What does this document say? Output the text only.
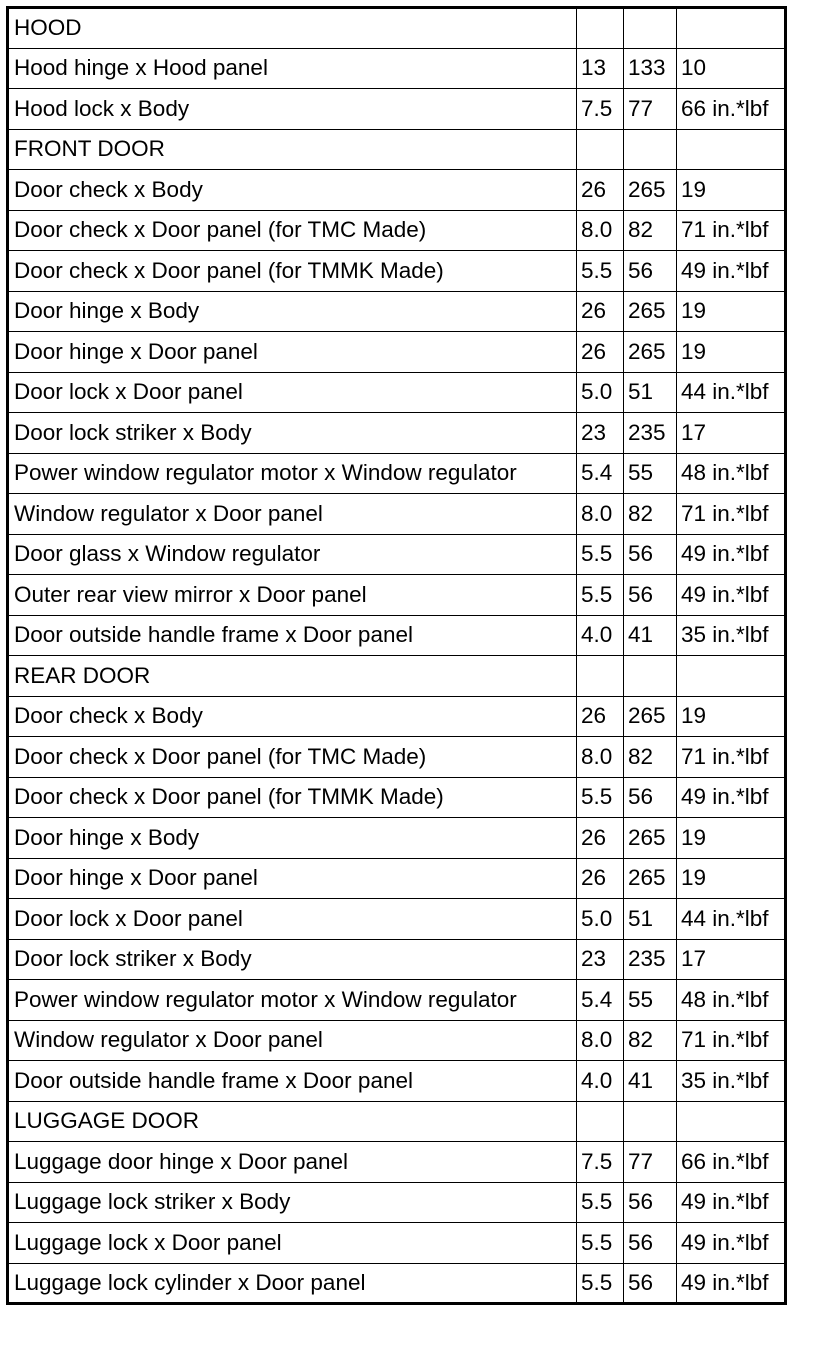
HOOD			
Hood hinge x Hood panel	13	133	10
Hood lock x Body	7.5	77	66 in.*lbf
FRONT DOOR			
Door check x Body	26	265	19
Door check x Door panel (for TMC Made)	8.0	82	71 in.*lbf
Door check x Door panel (for TMMK Made)	5.5	56	49 in.*lbf
Door hinge x Body	26	265	19
Door hinge x Door panel	26	265	19
Door lock x Door panel	5.0	51	44 in.*lbf
Door lock striker x Body	23	235	17
Power window regulator motor x Window regulator	5.4	55	48 in.*lbf
Window regulator x Door panel	8.0	82	71 in.*lbf
Door glass x Window regulator	5.5	56	49 in.*lbf
Outer rear view mirror x Door panel	5.5	56	49 in.*lbf
Door outside handle frame x Door panel	4.0	41	35 in.*lbf
REAR DOOR			
Door check x Body	26	265	19
Door check x Door panel (for TMC Made)	8.0	82	71 in.*lbf
Door check x Door panel (for TMMK Made)	5.5	56	49 in.*lbf
Door hinge x Body	26	265	19
Door hinge x Door panel	26	265	19
Door lock x Door panel	5.0	51	44 in.*lbf
Door lock striker x Body	23	235	17
Power window regulator motor x Window regulator	5.4	55	48 in.*lbf
Window regulator x Door panel	8.0	82	71 in.*lbf
Door outside handle frame x Door panel	4.0	41	35 in.*lbf
LUGGAGE DOOR			
Luggage door hinge x Door panel	7.5	77	66 in.*lbf
Luggage lock striker x Body	5.5	56	49 in.*lbf
Luggage lock x Door panel	5.5	56	49 in.*lbf
Luggage lock cylinder x Door panel	5.5	56	49 in.*lbf
